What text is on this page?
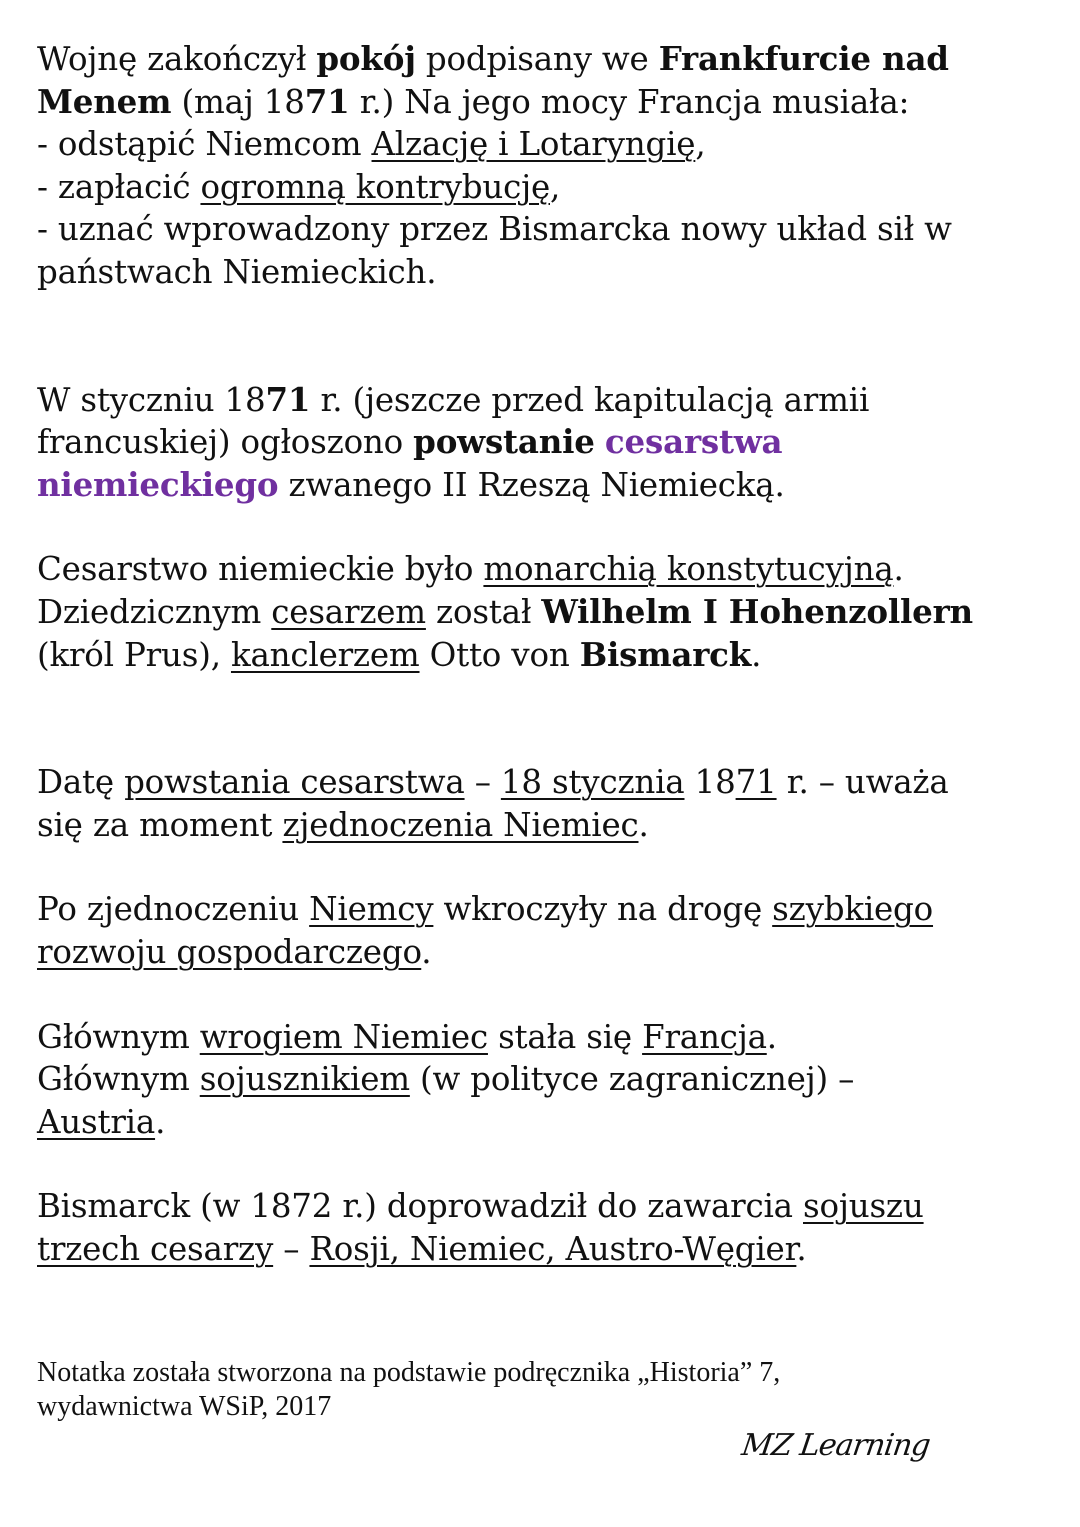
Wojnę zakończył pokój podpisany we Frankfurcie nad
Menem (maj 1871 r.) Na jego mocy Francja musiała:
- odstąpić Niemcom Alzację i Lotaryngię,
- zapłacić ogromną kontrybucję,
- uznać wprowadzony przez Bismarcka nowy układ sił w
państwach Niemieckich.

W styczniu 1871 r. (jeszcze przed kapitulacją armii
francuskiej) ogłoszono powstanie cesarstwa
niemieckiego zwanego II Rzeszą Niemiecką.

Cesarstwo niemieckie było monarchią konstytucyjną.
Dziedzicznym cesarzem został Wilhelm I Hohenzollern
(król Prus), kanclerzem Otto von Bismarck.

Datę powstania cesarstwa – 18 stycznia 1871 r. – uważa
się za moment zjednoczenia Niemiec.

Po zjednoczeniu Niemcy wkroczyły na drogę szybkiego
rozwoju gospodarczego.

Głównym wrogiem Niemiec stała się Francja.
Głównym sojusznikiem (w polityce zagranicznej) –
Austria.

Bismarck (w 1872 r.) doprowadził do zawarcia sojuszu
trzech cesarzy – Rosji, Niemiec, Austro-Węgier.

Notatka została stworzona na podstawie podręcznika „Historia” 7,
wydawnictwa WSiP, 2017
MZ Learning
